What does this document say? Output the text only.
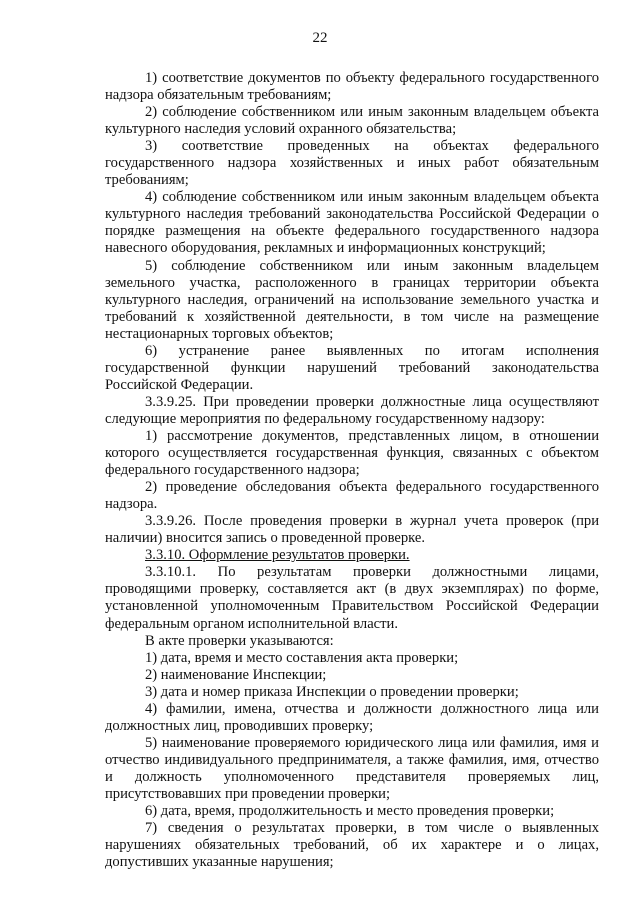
22

1) соответствие документов по объекту федерального государственного надзора обязательным требованиям;

2) соблюдение собственником или иным законным владельцем объекта культурного наследия условий охранного обязательства;

3) соответствие проведенных на объектах федерального государственного надзора хозяйственных и иных работ обязательным требованиям;

4) соблюдение собственником или иным законным владельцем объекта культурного наследия требований законодательства Российской Федерации о порядке размещения на объекте федерального государственного надзора навесного оборудования, рекламных и информационных конструкций;

5) соблюдение собственником или иным законным владельцем земельного участка, расположенного в границах территории объекта культурного наследия, ограничений на использование земельного участка и требований к хозяйственной деятельности, в том числе на размещение нестационарных торговых объектов;

6) устранение ранее выявленных по итогам исполнения государственной функции нарушений требований законодательства Российской Федерации.

3.3.9.25. При проведении проверки должностные лица осуществляют следующие мероприятия по федеральному государственному надзору:

1) рассмотрение документов, представленных лицом, в отношении которого осуществляется государственная функция, связанных с объектом федерального государственного надзора;

2) проведение обследования объекта федерального государственного надзора.

3.3.9.26. После проведения проверки в журнал учета проверок (при наличии) вносится запись о проведенной проверке.

3.3.10. Оформление результатов проверки.

3.3.10.1. По результатам проверки должностными лицами, проводящими проверку, составляется акт (в двух экземплярах) по форме, установленной уполномоченным Правительством Российской Федерации федеральным органом исполнительной власти.

В акте проверки указываются:

1) дата, время и место составления акта проверки;

2) наименование Инспекции;

3) дата и номер приказа Инспекции о проведении проверки;

4) фамилии, имена, отчества и должности должностного лица или должностных лиц, проводивших проверку;

5) наименование проверяемого юридического лица или фамилия, имя и отчество индивидуального предпринимателя, а также фамилия, имя, отчество и должность уполномоченного представителя проверяемых лиц, присутствовавших при проведении проверки;

6) дата, время, продолжительность и место проведения проверки;

7) сведения о результатах проверки, в том числе о выявленных нарушениях обязательных требований, об их характере и о лицах, допустивших указанные нарушения;
